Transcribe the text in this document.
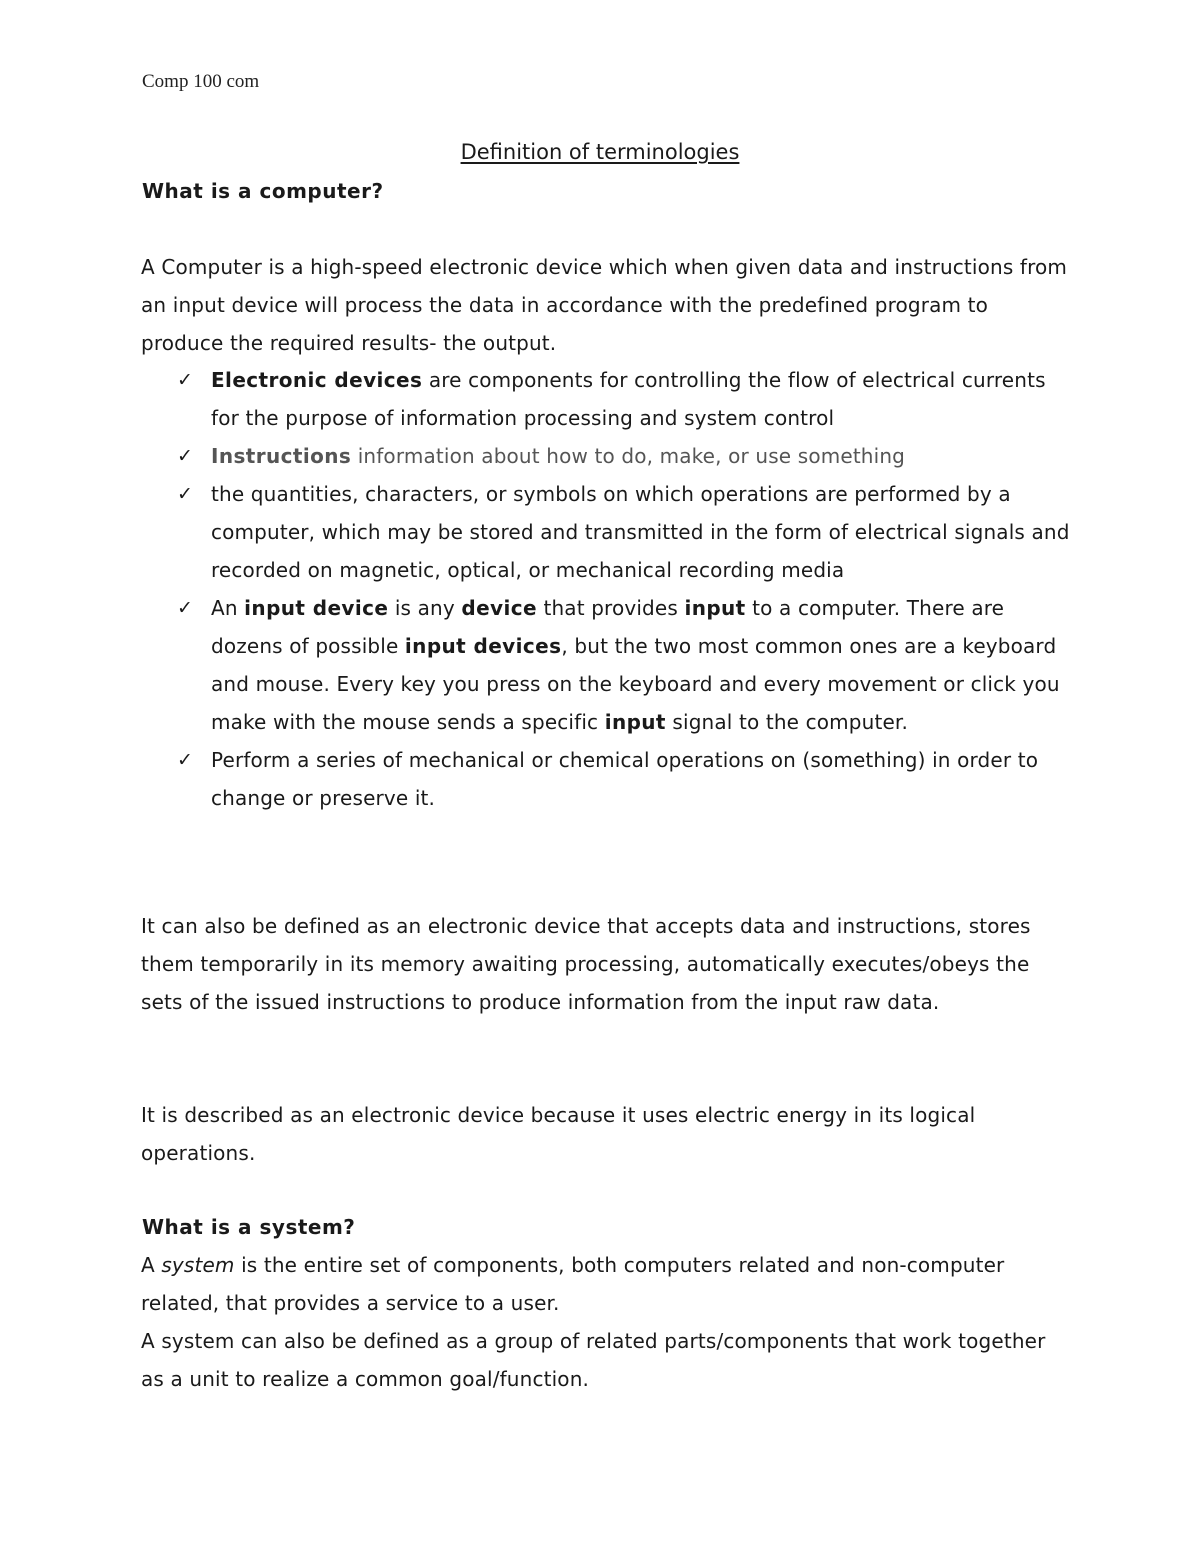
Comp 100 com
Definition of terminologies
What is a computer?

A Computer is a high-speed electronic device which when given data and instructions from an input device will process the data in accordance with the predefined program to produce the required results- the output.

✓ Electronic devices are components for controlling the flow of electrical currents for the purpose of information processing and system control
✓ Instructions information about how to do, make, or use something
✓ the quantities, characters, or symbols on which operations are performed by a computer, which may be stored and transmitted in the form of electrical signals and recorded on magnetic, optical, or mechanical recording media
✓ An input device is any device that provides input to a computer. There are dozens of possible input devices, but the two most common ones are a keyboard and mouse. Every key you press on the keyboard and every movement or click you make with the mouse sends a specific input signal to the computer.
✓ Perform a series of mechanical or chemical operations on (something) in order to change or preserve it.

It can also be defined as an electronic device that accepts data and instructions, stores them temporarily in its memory awaiting processing, automatically executes/obeys the sets of the issued instructions to produce information from the input raw data.

It is described as an electronic device because it uses electric energy in its logical operations.

What is a system?

A system is the entire set of components, both computers related and non-computer related, that provides a service to a user.

A system can also be defined as a group of related parts/components that work together as a unit to realize a common goal/function.
